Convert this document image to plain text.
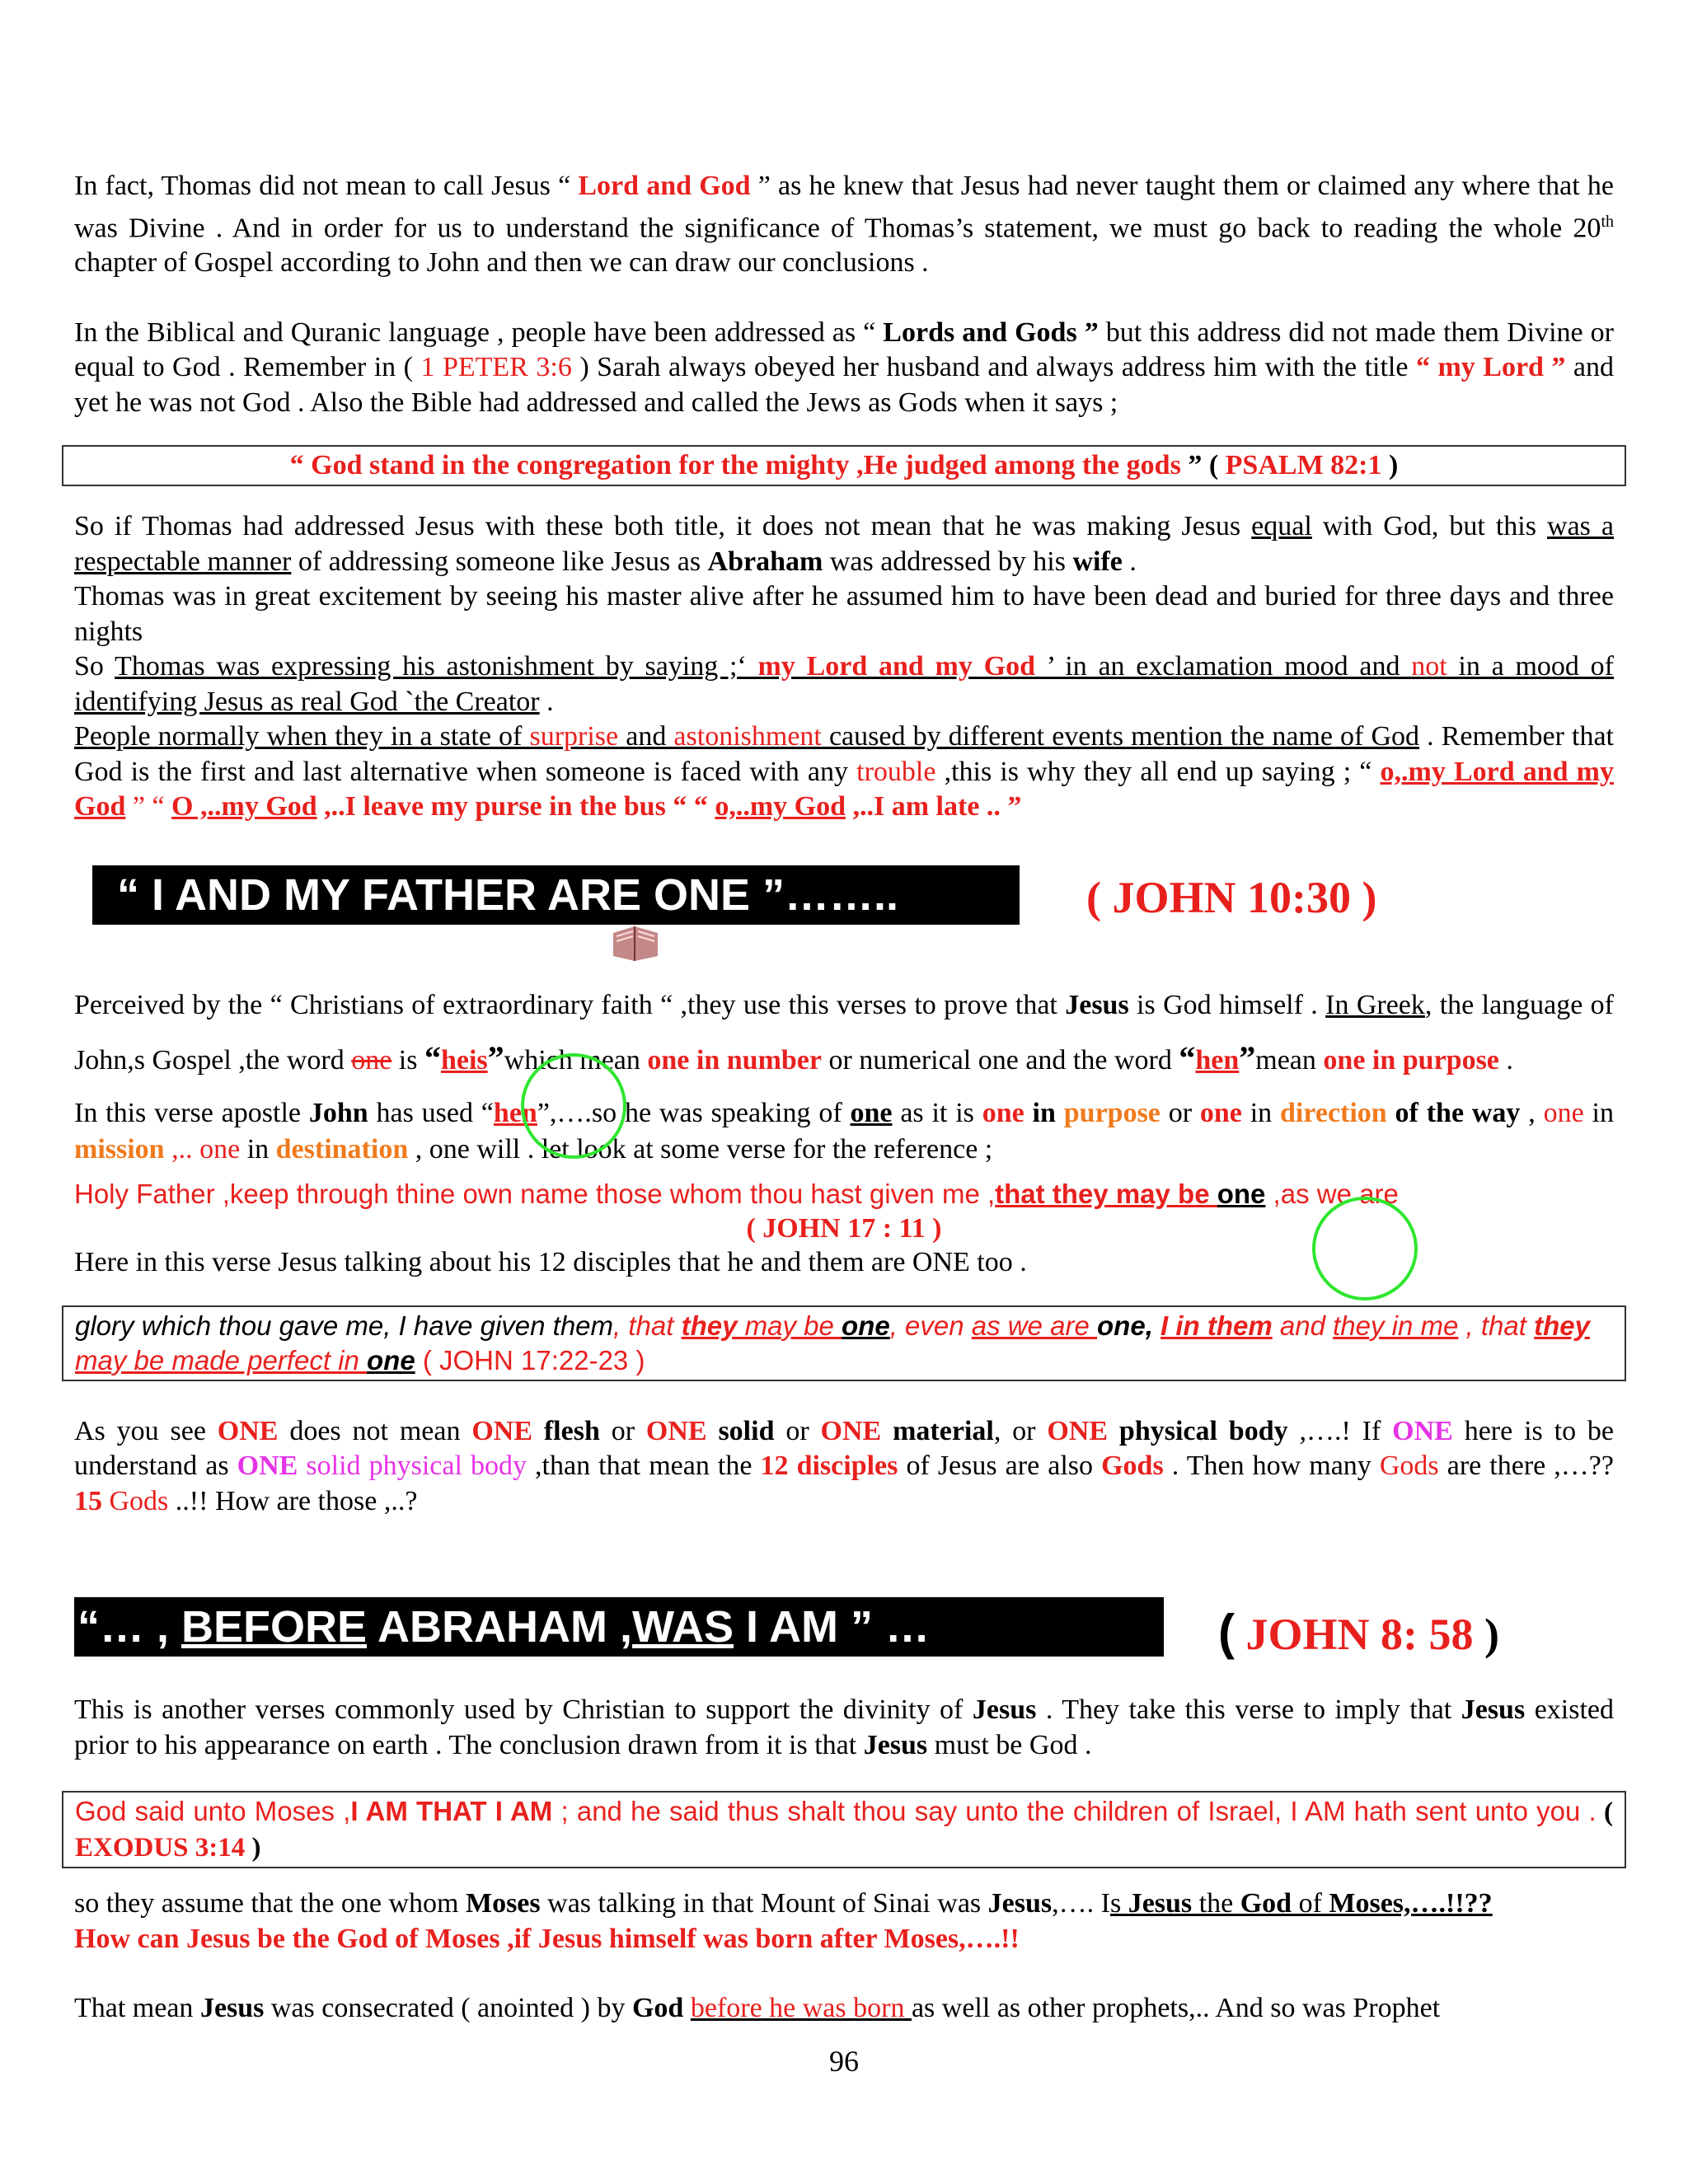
In fact, Thomas did not mean to call Jesus “ Lord and God ” as he knew that Jesus had never taught them or claimed any where that he was Divine . And in order for us to understand the significance of Thomas’s statement, we must go back to reading the whole 20th chapter of Gospel according to John and then we can draw our conclusions .

In the Biblical and Quranic language , people have been addressed as “ Lords and Gods ” but this address did not made them Divine or equal to God . Remember in ( 1 PETER 3:6 ) Sarah always obeyed her husband and always address him with the title “ my Lord ” and yet he was not God . Also the Bible had addressed and called the Jews as Gods when it says ;

“ God stand in the congregation for the mighty ,He judged among the gods ” ( PSALM 82:1 )

So if Thomas had addressed Jesus with these both title, it does not mean that he was making Jesus equal with God, but this was a respectable manner of addressing someone like Jesus as Abraham was addressed by his wife .

Thomas was in great excitement by seeing his master alive after he assumed him to have been dead and buried for three days and three nights

So Thomas was expressing his astonishment by saying ;‘ my Lord and my God ’ in an exclamation mood and not in a mood of identifying Jesus as real God `the Creator .

People normally when they in a state of surprise and astonishment caused by different events mention the name of God . Remember that God is the first and last alternative when someone is faced with any trouble ,this is why they all end up saying ; “ o,.my Lord and my God ” “ O ,..my God ,..I leave my purse in the bus “ “ o,..my God ,..I am late .. ”

“ I AND MY FATHER ARE ONE ”……..	( JOHN 10:30 )

Perceived by the “ Christians of extraordinary faith “ ,they use this verses to prove that Jesus is God himself . In Greek, the language of John,s Gospel ,the word one is “heis”which mean one in number or numerical one and the word “hen”mean one in purpose .

In this verse apostle John has used “hen”,….so he was speaking of one as it is one in purpose or one in direction of the way , one in mission ,.. one in destination , one will . let look at some verse for the reference ;

Holy Father ,keep through thine own name those whom thou hast given me ,that they may be one ,as we are

( JOHN 17 : 11 )

Here in this verse Jesus talking about his 12 disciples that he and them are ONE too .

glory which thou gave me, I have given them, that they may be one, even as we are one, I in them and they in me , that they may be made perfect in one ( JOHN 17:22-23 )

As you see ONE does not mean ONE flesh or ONE solid or ONE material, or ONE physical body ,….! If ONE here is to be understand as ONE solid physical body ,than that mean the 12 disciples of Jesus are also Gods . Then how many Gods are there ,…?? 15 Gods ..!! How are those ,..?

“… , BEFORE ABRAHAM ,WAS I AM ” …	( JOHN 8: 58 )

This is another verses commonly used by Christian to support the divinity of Jesus . They take this verse to imply that Jesus existed prior to his appearance on earth . The conclusion drawn from it is that Jesus must be God .

God said unto Moses ,I AM THAT I AM ; and he said thus shalt thou say unto the children of Israel, I AM hath sent unto you . ( EXODUS 3:14 )

so they assume that the one whom Moses was talking in that Mount of Sinai was Jesus,…. Is Jesus the God of Moses,….!!??

How can Jesus be the God of Moses ,if Jesus himself was born after Moses,….!!

That mean Jesus was consecrated ( anointed ) by God before he was born as well as other prophets,.. And so was Prophet

96
